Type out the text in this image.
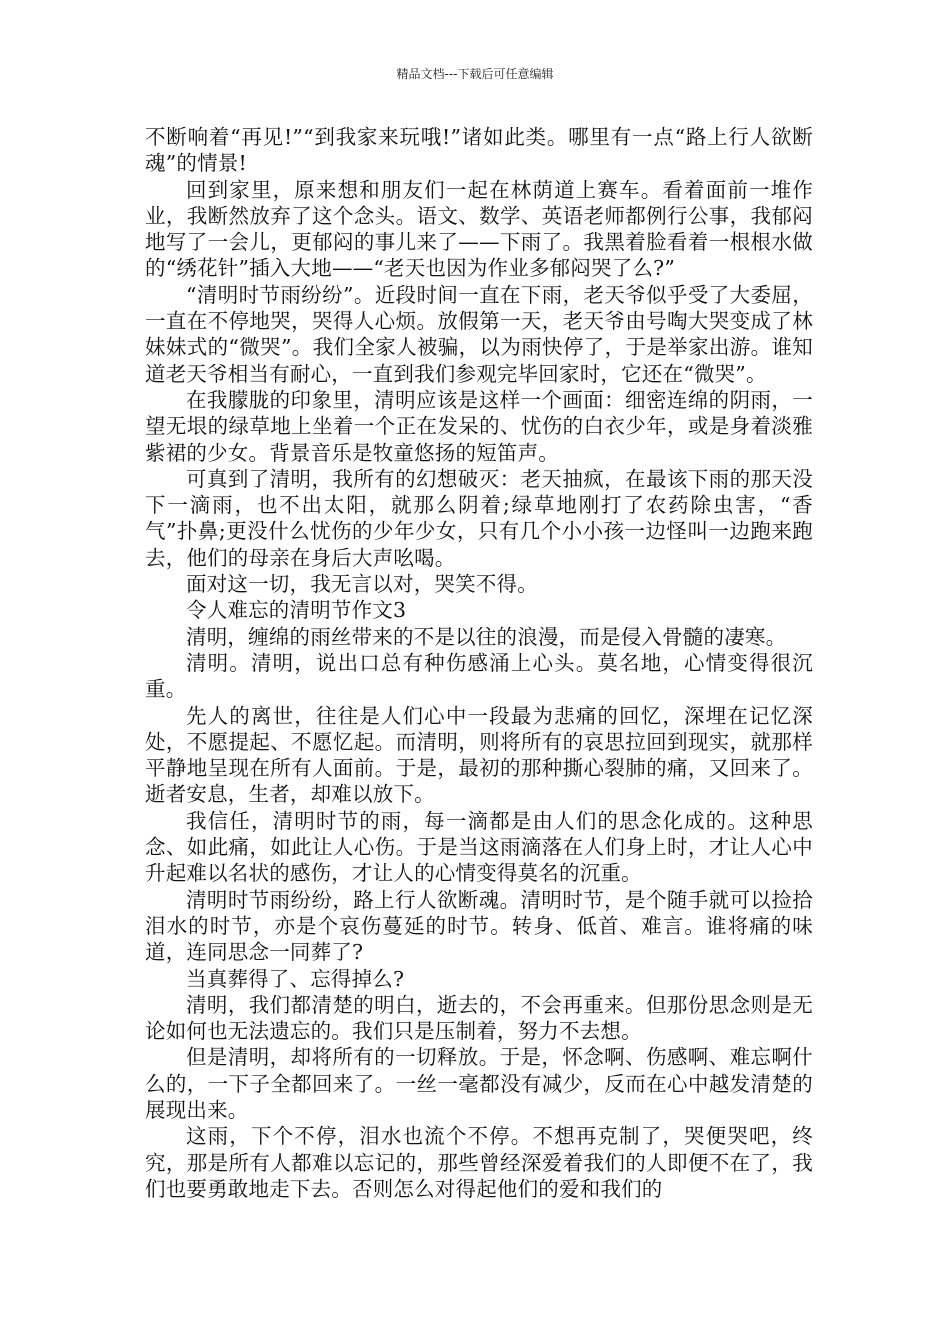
精品文档---下载后可任意编辑

不断响着“再见!”“到我家来玩哦!”诸如此类。哪里有一点“路上行人欲断魂”的情景!

回到家里，原来想和朋友们一起在林荫道上赛车。看着面前一堆作业，我断然放弃了这个念头。语文、数学、英语老师都例行公事，我郁闷地写了一会儿，更郁闷的事儿来了——下雨了。我黑着脸看着一根根水做的“绣花针”插入大地——“老天也因为作业多郁闷哭了么?”

“清明时节雨纷纷”。近段时间一直在下雨，老天爷似乎受了大委屈，一直在不停地哭，哭得人心烦。放假第一天，老天爷由号啕大哭变成了林妹妹式的“微哭”。我们全家人被骗，以为雨快停了，于是举家出游。谁知道老天爷相当有耐心，一直到我们参观完毕回家时，它还在“微哭”。

在我朦胧的印象里，清明应该是这样一个画面：细密连绵的阴雨，一望无垠的绿草地上坐着一个正在发呆的、忧伤的白衣少年，或是身着淡雅紫裙的少女。背景音乐是牧童悠扬的短笛声。

可真到了清明，我所有的幻想破灭：老天抽疯，在最该下雨的那天没下一滴雨，也不出太阳，就那么阴着;绿草地刚打了农药除虫害，“香气”扑鼻;更没什么忧伤的少年少女，只有几个小小孩一边怪叫一边跑来跑去，他们的母亲在身后大声吆喝。

面对这一切，我无言以对，哭笑不得。

令人难忘的清明节作文3

清明，缠绵的雨丝带来的不是以往的浪漫，而是侵入骨髓的凄寒。

清明。清明，说出口总有种伤感涌上心头。莫名地，心情变得很沉重。

先人的离世，往往是人们心中一段最为悲痛的回忆，深埋在记忆深处，不愿提起、不愿忆起。而清明，则将所有的哀思拉回到现实，就那样平静地呈现在所有人面前。于是，最初的那种撕心裂肺的痛，又回来了。逝者安息，生者，却难以放下。

我信任，清明时节的雨，每一滴都是由人们的思念化成的。这种思念、如此痛，如此让人心伤。于是当这雨滴落在人们身上时，才让人心中升起难以名状的感伤，才让人的心情变得莫名的沉重。

清明时节雨纷纷，路上行人欲断魂。清明时节，是个随手就可以捡拾泪水的时节，亦是个哀伤蔓延的时节。转身、低首、难言。谁将痛的味道，连同思念一同葬了?

当真葬得了、忘得掉么?

清明，我们都清楚的明白，逝去的，不会再重来。但那份思念则是无论如何也无法遗忘的。我们只是压制着，努力不去想。

但是清明，却将所有的一切释放。于是，怀念啊、伤感啊、难忘啊什么的，一下子全都回来了。一丝一毫都没有减少，反而在心中越发清楚的展现出来。

这雨，下个不停，泪水也流个不停。不想再克制了，哭便哭吧，终究，那是所有人都难以忘记的，那些曾经深爱着我们的人即便不在了，我们也要勇敢地走下去。否则怎么对得起他们的爱和我们的
